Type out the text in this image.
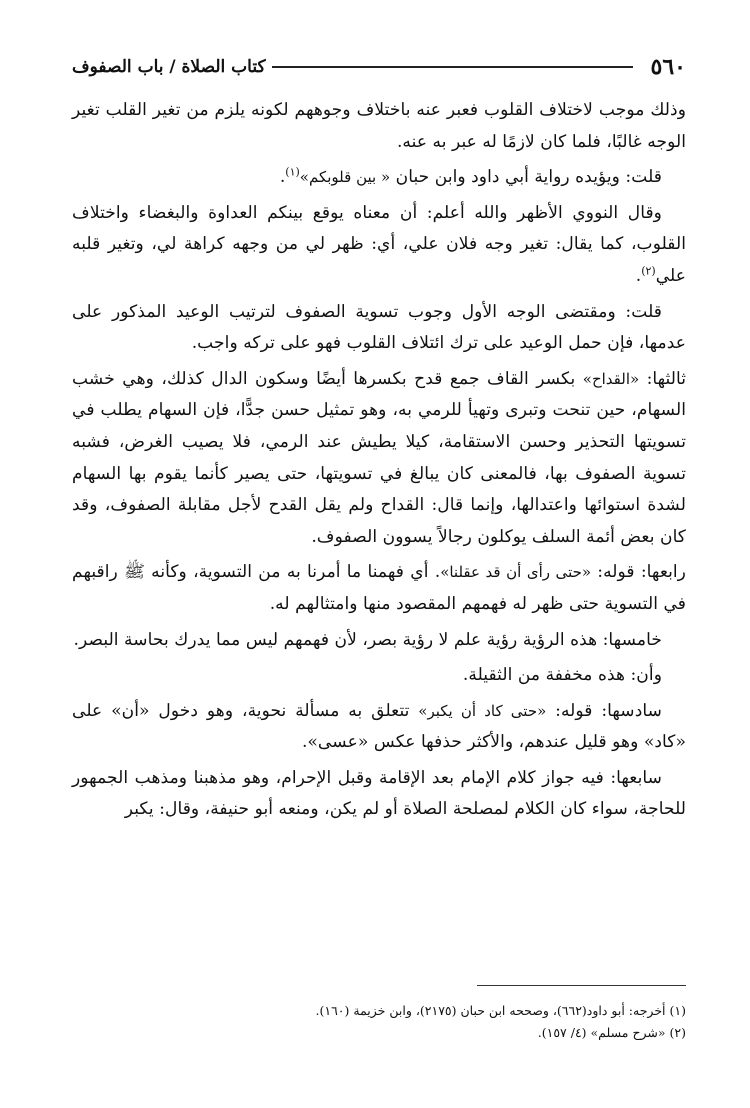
٥٦٠
كتاب الصلاة / باب الصفوف

وذلك موجب لاختلاف القلوب فعبر عنه باختلاف وجوههم لكونه يلزم من تغير القلب تغير الوجه غالبًا، فلما كان لازمًا له عبر به عنه.

قلت: ويؤيده رواية أبي داود وابن حبان « بين قلوبكم»$^{(١)}$.

وقال النووي الأظهر والله أعلم: أن معناه يوقع بينكم العداوة والبغضاء واختلاف القلوب، كما يقال: تغير وجه فلان علي، أي: ظهر لي من وجهه كراهة لي، وتغير قلبه علي$^{(٢)}$.

قلت: ومقتضى الوجه الأول وجوب تسوية الصفوف لترتيب الوعيد المذكور على عدمها، فإن حمل الوعيد على ترك ائتلاف القلوب فهو على تركه واجب.

ثالثها: «القداح» بكسر القاف جمع قدح بكسرها أيضًا وسكون الدال كذلك، وهي خشب السهام، حين تنحت وتبرى وتهيأ للرمي به، وهو تمثيل حسن جدًّا، فإن السهام يطلب في تسويتها التحذير وحسن الاستقامة، كيلا يطيش عند الرمي، فلا يصيب الغرض، فشبه تسوية الصفوف بها، فالمعنى كان يبالغ في تسويتها، حتى يصير كأنما يقوم بها السهام لشدة استوائها واعتدالها، وإنما قال: القداح ولم يقل القدح لأجل مقابلة الصفوف، وقد كان بعض أئمة السلف يوكلون رجالاً يسوون الصفوف.

رابعها: قوله: «حتى رأى أن قد عقلنا». أي فهمنا ما أمرنا به من التسوية، وكأنه ﷺ راقبهم في التسوية حتى ظهر له فهمهم المقصود منها وامتثالهم له.

خامسها: هذه الرؤية رؤية علم لا رؤية بصر، لأن فهمهم ليس مما يدرك بحاسة البصر.

وأن: هذه مخففة من الثقيلة.

سادسها: قوله: «حتى كاد أن يكبر» تتعلق به مسألة نحوية، وهو دخول «أن» على «كاد» وهو قليل عندهم، والأكثر حذفها عكس «عسى».

سابعها: فيه جواز كلام الإمام بعد الإقامة وقبل الإحرام، وهو مذهبنا ومذهب الجمهور للحاجة، سواء كان الكلام لمصلحة الصلاة أو لم يكن، ومنعه أبو حنيفة، وقال: يكبر

(١) أخرجه: أبو داود(٦٦٢)، وصححه ابن حبان (٢١٧٥)، وابن خزيمة (١٦٠).

(٢) «شرح مسلم» (٤/ ١٥٧).
